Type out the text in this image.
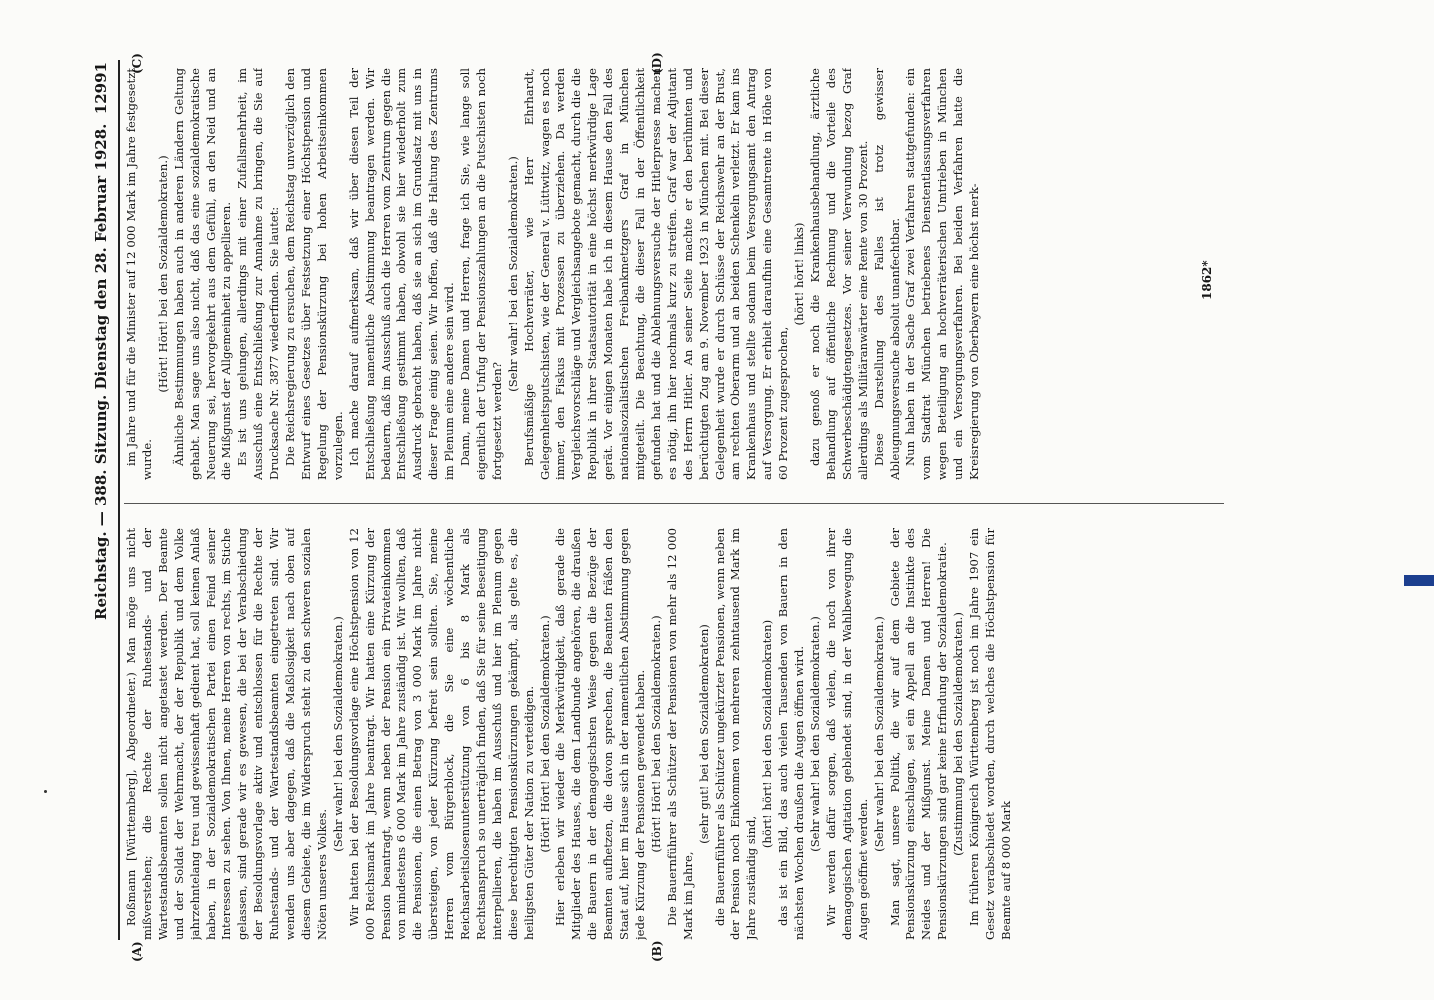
Reichstag. — 388. Sitzung. Dienstag den 28. Februar 1928.
12991

Roßmann [Württemberg], Abgeordneter.) Man möge uns nicht mißverstehen; die Rechte der Ruhestands- und der Wartestandsbeamten sollen nicht angetastet werden. Der Beamte und der Soldat der Wehrmacht, der der Republik und dem Volke jahrzehntelang treu und gewissenhaft gedient hat, soll keinen Anlaß haben, in der Sozialdemokratischen Partei einen Feind seiner Interessen zu sehen. Von Ihnen, meine Herren von rechts, im Stiche gelassen, sind gerade wir es gewesen, die bei der Verabschiedung der Besoldungsvorlage aktiv und entschlossen für die Rechte der Ruhestands- und der Wartestandsbeamten eingetreten sind. Wir wenden uns aber dagegen, daß die Maßlosigkeit nach oben auf diesem Gebiete, die im Widerspruch steht zu den schweren sozialen Nöten unseres Volkes.

(Sehr wahr! bei den Sozialdemokraten.) Wir hatten bei der Besoldungsvorlage eine Höchstpension von 12 000 Reichsmark im Jahre beantragt. Wir hatten eine Kürzung der Pension beantragt, wenn neben der Pension ein Privateinkommen von mindestens 6 000 Mark im Jahre zuständig ist. Wir wollten, daß die Pensionen, die einen Betrag von 3 000 Mark im Jahre nicht übersteigen, von jeder Kürzung befreit sein sollten. Sie, meine Herren vom Bürgerblock, die Sie eine wöchentliche Reichsarbeitslosenunterstützung von 6 bis 8 Mark als Rechtsanspruch so unerträglich finden, daß Sie für seine Beseitigung interpellieren, die haben im Ausschuß und hier im Plenum gegen diese berechtigten Pensionskürzungen gekämpft, als gelte es, die heiligsten Güter der Nation zu verteidigen. (Hört! Hört! bei den Sozialdemokraten.) Hier erleben wir wieder die Merkwürdigkeit, daß gerade die Mitglieder des Hauses, die dem Landbunde angehören, die draußen die Bauern in der demagogischsten Weise gegen die Bezüge der Beamten aufhetzen, die davon sprechen, die Beamten fräßen den Staat auf, hier im Hause sich in der namentlichen Abstimmung gegen jede Kürzung der Pensionen gewendet haben. (Hört! Hört! bei den Sozialdemokraten.) Die Bauernführer als Schützer der Pensionen von mehr als 12 000 Mark im Jahre,

(sehr gut! bei den Sozialdemokraten) die Bauernführer als Schützer ungekürzter Pensionen, wenn neben der Pension noch Einkommen von mehreren zehntausend Mark im Jahre zuständig sind,

(hört! hört! bei den Sozialdemokraten) das ist ein Bild, das auch vielen Tausenden von Bauern in den nächsten Wochen draußen die Augen öffnen wird. (Sehr wahr! bei den Sozialdemokraten.) Wir werden dafür sorgen, daß vielen, die noch von ihrer demagogischen Agitation geblendet sind, in der Wahlbewegung die Augen geöffnet werden.

(Sehr wahr! bei den Sozialdemokraten.) Man sagt, unsere Politik, die wir auf dem Gebiete der Pensionskürzung einschlagen, sei ein Appell an die Instinkte des Neides und der Mißgunst. Meine Damen und Herren! Die Pensionskürzungen sind gar keine Erfindung der Sozialdemokratie. (Zustimmung bei den Sozialdemokraten.) Im früheren Königreich Württemberg ist noch im Jahre 1907 ein Gesetz verabschiedet worden, durch welches die Höchstpension für Beamte auf 8 000 Mark

im Jahre und für die Minister auf 12 000 Mark im Jahre festgesetzt wurde.

(Hört! Hört! bei den Sozialdemokraten.) Ähnliche Bestimmungen haben auch in anderen Ländern Geltung gehabt. Man sage uns also nicht, daß das eine sozialdemokratische Neuerung sei, hervorgekehrt aus dem Gefühl, an den Neid und an die Mißgunst der Allgemeinheit zu appellieren. Es ist uns gelungen, allerdings mit einer Zufallsmehrheit, im Ausschuß eine Entschließung zur Annahme zu bringen, die Sie auf Drucksache Nr. 3877 wiederfinden. Sie lautet: Die Reichsregierung zu ersuchen, dem Reichstag unverzüglich den Entwurf eines Gesetzes über Festsetzung einer Höchstpension und Regelung der Pensionskürzung bei hohen Arbeitseinkommen vorzulegen. Ich mache darauf aufmerksam, daß wir über diesen Teil der Entschließung namentliche Abstimmung beantragen werden. Wir bedauern, daß im Ausschuß auch die Herren vom Zentrum gegen die Entschließung gestimmt haben, obwohl sie hier wiederholt zum Ausdruck gebracht haben, daß sie an sich im Grundsatz mit uns in dieser Frage einig seien. Wir hoffen, daß die Haltung des Zentrums im Plenum eine andere sein wird. Dann, meine Damen und Herren, frage ich Sie, wie lange soll eigentlich der Unfug der Pensionszahlungen an die Putschisten noch fortgesetzt werden?

(Sehr wahr! bei den Sozialdemokraten.) Berufsmäßige Hochverräter, wie Herr Ehrhardt, Gelegenheitsputschisten, wie der General v. Lüttwitz, wagen es noch immer, den Fiskus mit Prozessen zu überziehen. Da werden Vergleichsvorschläge und Vergleichsangebote gemacht, durch die die Republik in ihrer Staatsautorität in eine höchst merkwürdige Lage gerät. Vor einigen Monaten habe ich in diesem Hause den Fall des nationalsozialistischen Freibankmetzgers Graf in München mitgeteilt. Die Beachtung, die dieser Fall in der Öffentlichkeit gefunden hat und die Ablehnungsversuche der Hitlerpresse machen es nötig, ihn hier nochmals kurz zu streifen. Graf war der Adjutant des Herrn Hitler. An seiner Seite machte er den berühmten und berüchtigten Zug am 9. November 1923 in München mit. Bei dieser Gelegenheit wurde er durch Schüsse der Reichswehr an der Brust, am rechten Oberarm und an beiden Schenkeln verletzt. Er kam ins Krankenhaus und stellte sodann beim Versorgungsamt den Antrag auf Versorgung. Er erhielt daraufhin eine Gesamtrente in Höhe von 60 Prozent zugesprochen,

(hört! hört! links) dazu genoß er noch die Krankenhausbehandlung, ärztliche Behandlung auf öffentliche Rechnung und die Vorteile des Schwerbeschädigtengesetzes. Vor seiner Verwundung bezog Graf allerdings als Militäranwärter eine Rente von 30 Prozent. Diese Darstellung des Falles ist trotz gewisser Ableugnungsversuche absolut unanfechtbar. Nun haben in der Sache Graf zwei Verfahren stattgefunden: ein vom Stadtrat München betriebenes Dienstentlassungsverfahren wegen Beteiligung an hochverräterischen Umtrieben in München und ein Versorgungsverfahren. Bei beiden Verfahren hatte die Kreisregierung von Oberbayern eine höchst merk-

(A)	(B)
(C)	(D)
1862*
